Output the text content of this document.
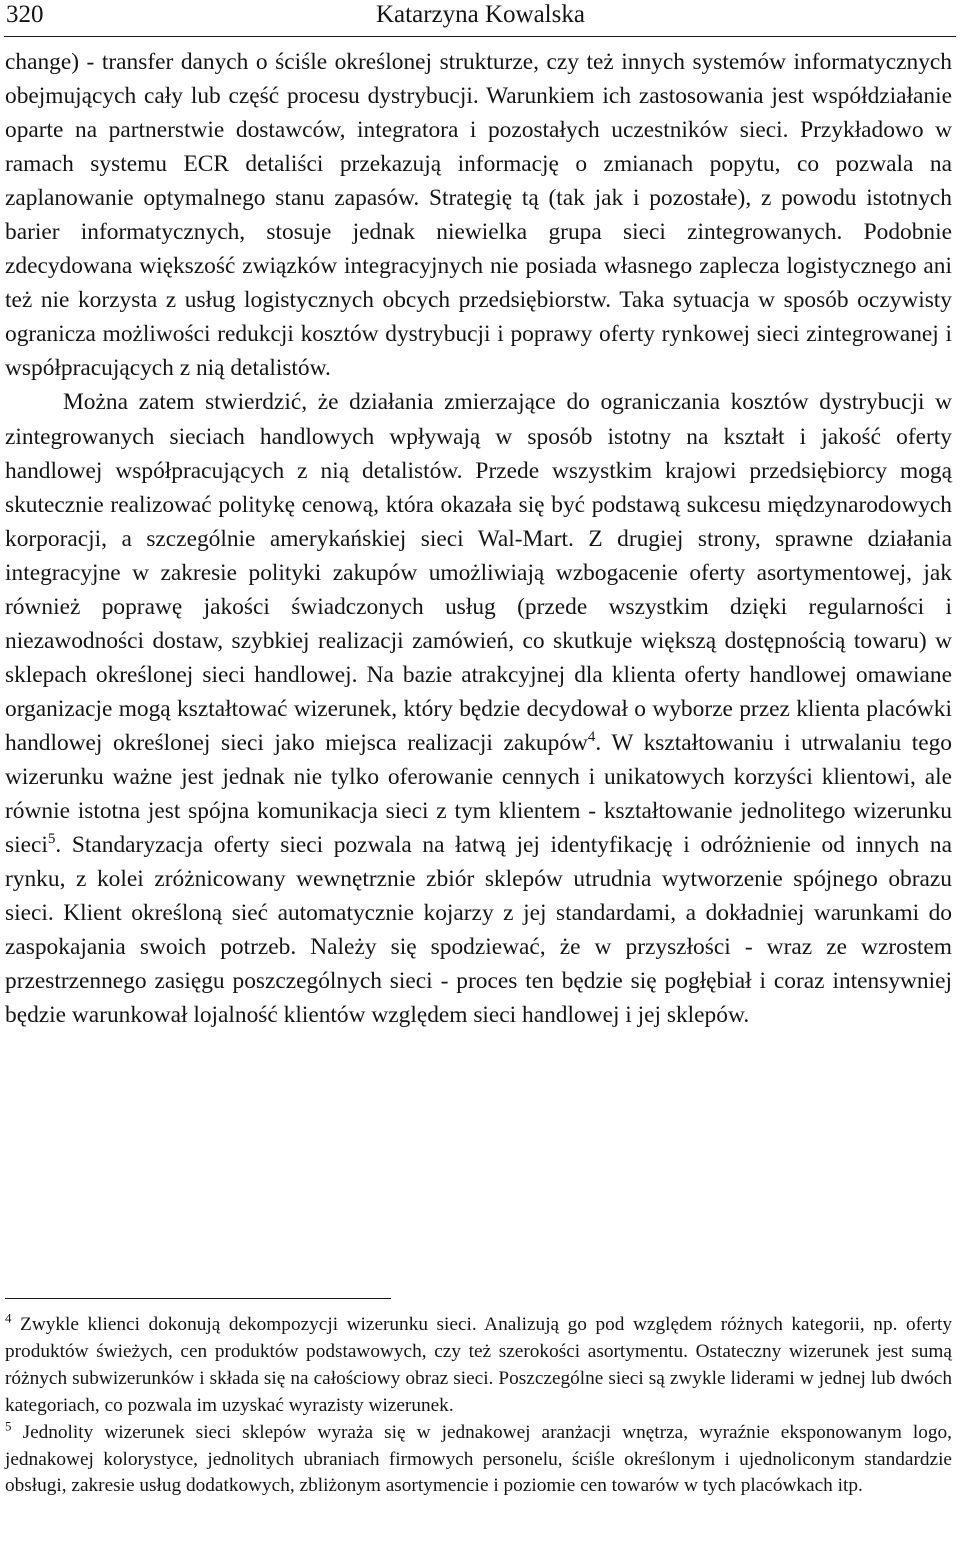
320	Katarzyna Kowalska

change) - transfer danych o ściśle określonej strukturze, czy też innych systemów informatycznych obejmujących cały lub część procesu dystrybucji. Warunkiem ich zastosowania jest współdziałanie oparte na partnerstwie dostawców, integratora i pozostałych uczestników sieci. Przykładowo w ramach systemu ECR detaliści przekazują informację o zmianach popytu, co pozwala na zaplanowanie optymalnego stanu zapasów. Strategię tą (tak jak i pozostałe), z powodu istotnych barier informatycznych, stosuje jednak niewielka grupa sieci zintegrowanych. Podobnie zdecydowana większość związków integracyjnych nie posiada własnego zaplecza logistycznego ani też nie korzysta z usług logistycznych obcych przedsiębiorstw. Taka sytuacja w sposób oczywisty ogranicza możliwości redukcji kosztów dystrybucji i poprawy oferty rynkowej sieci zintegrowanej i współpracujących z nią detalistów.

Można zatem stwierdzić, że działania zmierzające do ograniczania kosztów dystrybucji w zintegrowanych sieciach handlowych wpływają w sposób istotny na kształt i jakość oferty handlowej współpracujących z nią detalistów. Przede wszystkim krajowi przedsiębiorcy mogą skutecznie realizować politykę cenową, która okazała się być podstawą sukcesu międzynarodowych korporacji, a szczególnie amerykańskiej sieci Wal-Mart. Z drugiej strony, sprawne działania integracyjne w zakresie polityki zakupów umożliwiają wzbogacenie oferty asortymentowej, jak również poprawę jakości świadczonych usług (przede wszystkim dzięki regularności i niezawodności dostaw, szybkiej realizacji zamówień, co skutkuje większą dostępnością towaru) w sklepach określonej sieci handlowej. Na bazie atrakcyjnej dla klienta oferty handlowej omawiane organizacje mogą kształtować wizerunek, który będzie decydował o wyborze przez klienta placówki handlowej określonej sieci jako miejsca realizacji zakupów$^4$. W kształtowaniu i utrwalaniu tego wizerunku ważne jest jednak nie tylko oferowanie cennych i unikatowych korzyści klientowi, ale równie istotna jest spójna komunikacja sieci z tym klientem - kształtowanie jednolitego wizerunku sieci$^5$. Standaryzacja oferty sieci pozwala na łatwą jej identyfikację i odróżnienie od innych na rynku, z kolei zróżnicowany wewnętrznie zbiór sklepów utrudnia wytworzenie spójnego obrazu sieci. Klient określoną sieć automatycznie kojarzy z jej standardami, a dokładniej warunkami do zaspokajania swoich potrzeb. Należy się spodziewać, że w przyszłości - wraz ze wzrostem przestrzennego zasięgu poszczególnych sieci - proces ten będzie się pogłębiał i coraz intensywniej będzie warunkował lojalność klientów względem sieci handlowej i jej sklepów.

$^4$ Zwykle klienci dokonują dekompozycji wizerunku sieci. Analizują go pod względem różnych kategorii, np. oferty produktów świeżych, cen produktów podstawowych, czy też szerokości asortymentu. Ostateczny wizerunek jest sumą różnych subwizerunków i składa się na całościowy obraz sieci. Poszczególne sieci są zwykle liderami w jednej lub dwóch kategoriach, co pozwala im uzyskać wyrazisty wizerunek.

$^5$ Jednolity wizerunek sieci sklepów wyraża się w jednakowej aranżacji wnętrza, wyraźnie eksponowanym logo, jednakowej kolorystyce, jednolitych ubraniach firmowych personelu, ściśle określonym i ujednoliconym standardzie obsługi, zakresie usług dodatkowych, zbliżonym asortymencie i poziomie cen towarów w tych placówkach itp.
